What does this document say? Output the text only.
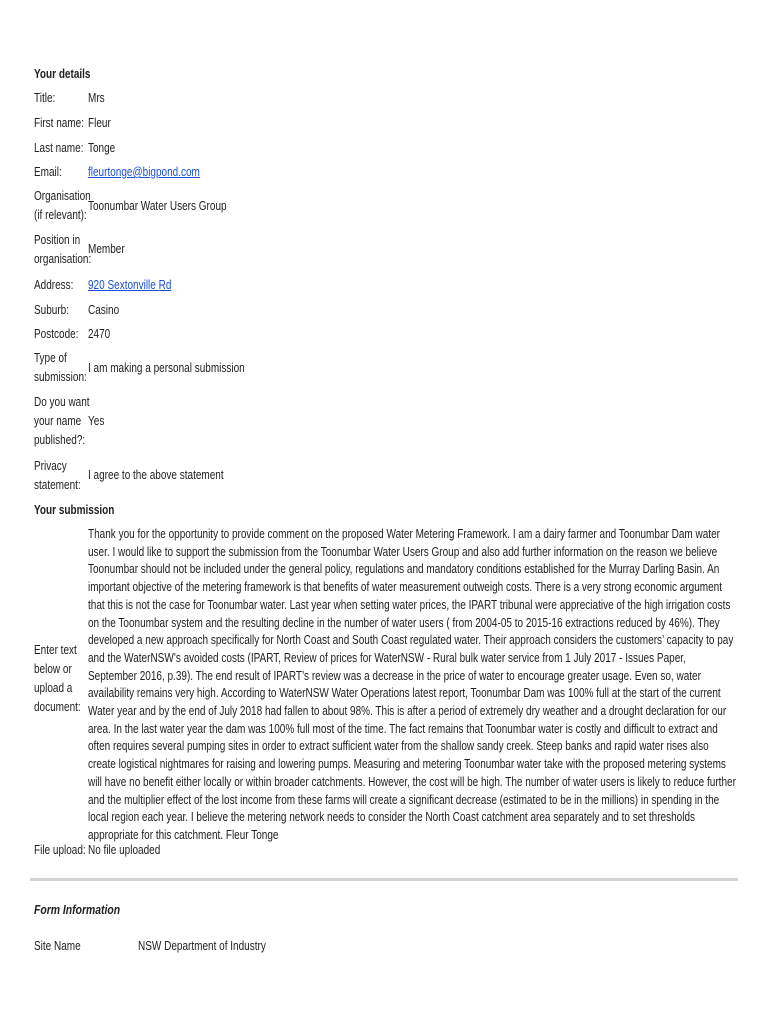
Your details
Title:	Mrs
First name: Fleur
Last name: Tonge
Email:	fleurtonge@bigpond.com
Organisation
(if relevant):
Toonumbar Water Users Group
Position in
organisation:
Member
Address:	920 Sextonville Rd
Suburb:	Casino
Postcode: 2470
Type of
submission:
I am making a personal submission
Do you want
your name
published?:
Yes
Privacy
statement:
I agree to the above statement
Your submission
Enter text
below or
upload a
document:
Thank you for the opportunity to provide comment on the proposed Water Metering Framework. I am a dairy farmer and Toonumbar Dam water user. I would like to support the submission from the Toonumbar Water Users Group and also add further information on the reason we believe Toonumbar should not be included under the general policy, regulations and mandatory conditions established for the Murray Darling Basin. An important objective of the metering framework is that benefits of water measurement outweigh costs. There is a very strong economic argument that this is not the case for Toonumbar water. Last year when setting water prices, the IPART tribunal were appreciative of the high irrigation costs on the Toonumbar system and the resulting decline in the number of water users ( from 2004-05 to 2015-16 extractions reduced by 46%). They developed a new approach specifically for North Coast and South Coast regulated water. Their approach considers the customers’ capacity to pay and the WaterNSW’s avoided costs (IPART, Review of prices for WaterNSW - Rural bulk water service from 1 July 2017 - Issues Paper, September 2016, p.39). The end result of IPART’s review was a decrease in the price of water to encourage greater usage. Even so, water availability remains very high. According to WaterNSW Water Operations latest report, Toonumbar Dam was 100% full at the start of the current Water year and by the end of July 2018 had fallen to about 98%. This is after a period of extremely dry weather and a drought declaration for our area. In the last water year the dam was 100% full most of the time. The fact remains that Toonumbar water is costly and difficult to extract and often requires several pumping sites in order to extract sufficient water from the shallow sandy creek. Steep banks and rapid water rises also create logistical nightmares for raising and lowering pumps. Measuring and metering Toonumbar water take with the proposed metering systems will have no benefit either locally or within broader catchments. However, the cost will be high. The number of water users is likely to reduce further and the multiplier effect of the lost income from these farms will create a significant decrease (estimated to be in the millions) in spending in the local region each year. I believe the metering network needs to consider the North Coast catchment area separately and to set thresholds appropriate for this catchment. Fleur Tonge
File upload: No file uploaded
Form Information
Site Name	NSW Department of Industry
